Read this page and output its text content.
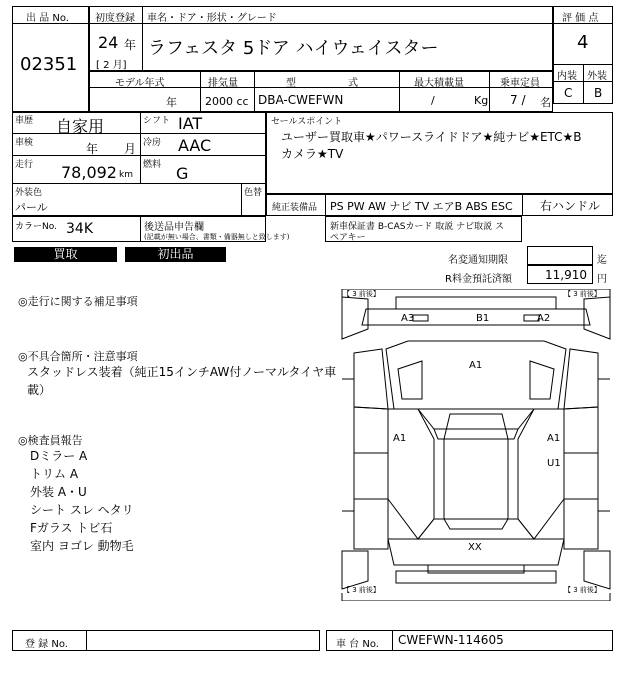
出 品 No.
02351
初度登録 車名・ドア・形状・グレード
24 年
[ 2 月]
ラフェスタ 5ドア ハイウェイスター
モデル年式	排気量	型	式	最大積載量	乗車定員
年	2000 cc DBA-CWEFWN	/	Kg 7 / 名
評 価 点
4
内装 外装
C B
車歴 自家用	シフト IAT
車検	年 月 冷房 AAC
走行 78,092 km
燃料 G
外装色
パール
色替
カラーNo. 34K	後送品申告欄
(記載が無い場合、書類・備器無しと致します)
セールスポイント
ユーザー買取車★パワースライドドア★純ナビ★ETC★B
カメラ★TV
純正装備品 PS PW AW ナビ TV エアB ABS ESC 右ハンドル
新車保証書 B-CASカード 取説 ナビ取説 ス
ペアキー
買取	初出品	名変通知期限	迄
R料金預託済額	11,910 円
◎走行に関する補足事項
◎不具合箇所・注意事項
スタッドレス装着（純正15インチAW付ノーマルタイヤ車
載）
◎検査員報告
Dミラー A
トリム A
外装 A・U
シート スレ ヘタリ
Fガラス トビ石
室内 ヨゴレ 動物毛
【 3 前後】	【 3 前後】
【 3 前後】	【 3 前後】
A3	B1	A2
A1
A1	A1
U1
XX
登 録 No.	車 台 No. CWEFWN-114605
